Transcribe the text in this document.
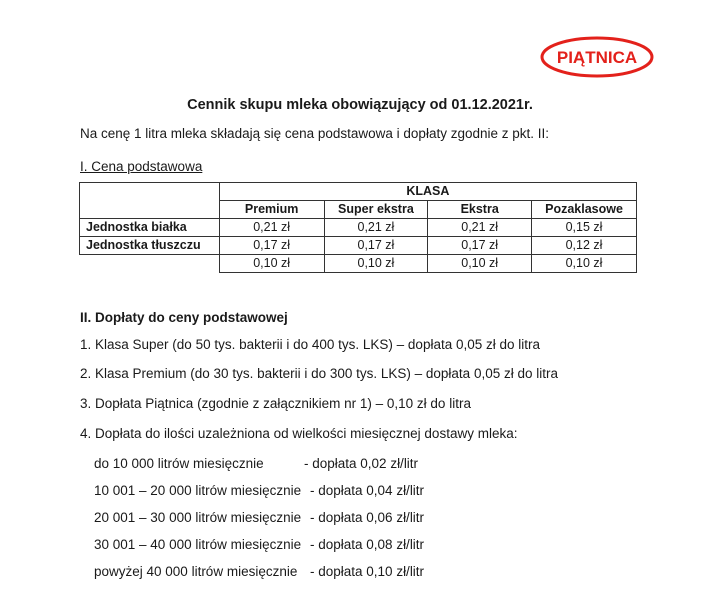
PIĄTNICA
Cennik skupu mleka obowiązujący od 01.12.2021r.
Na cenę 1 litra mleka składają się cena podstawowa i dopłaty zgodnie z pkt. II:
I. Cena podstawowa
	KLASA			
	Premium	Super ekstra	Ekstra	Pozaklasowe
Jednostka białka	0,21 zł	0,21 zł	0,21 zł	0,15 zł
Jednostka tłuszczu	0,17 zł	0,17 zł	0,17 zł	0,12 zł
	0,10 zł	0,10 zł	0,10 zł	0,10 zł
II. Dopłaty do ceny podstawowej
1. Klasa Super (do 50 tys. bakterii i do 400 tys. LKS) – dopłata 0,05 zł do litra
2. Klasa Premium (do 30 tys. bakterii i do 300 tys. LKS) – dopłata 0,05 zł do litra
3. Dopłata Piątnica (zgodnie z załącznikiem nr 1) – 0,10 zł do litra
4. Dopłata do ilości uzależniona od wielkości miesięcznej dostawy mleka:
do 10 000 litrów miesięcznie	- dopłata 0,02 zł/litr
10 001 – 20 000 litrów miesięcznie - dopłata 0,04 zł/litr
20 001 – 30 000 litrów miesięcznie - dopłata 0,06 zł/litr
30 001 – 40 000 litrów miesięcznie - dopłata 0,08 zł/litr
powyżej 40 000 litrów miesięcznie - dopłata 0,10 zł/litr
